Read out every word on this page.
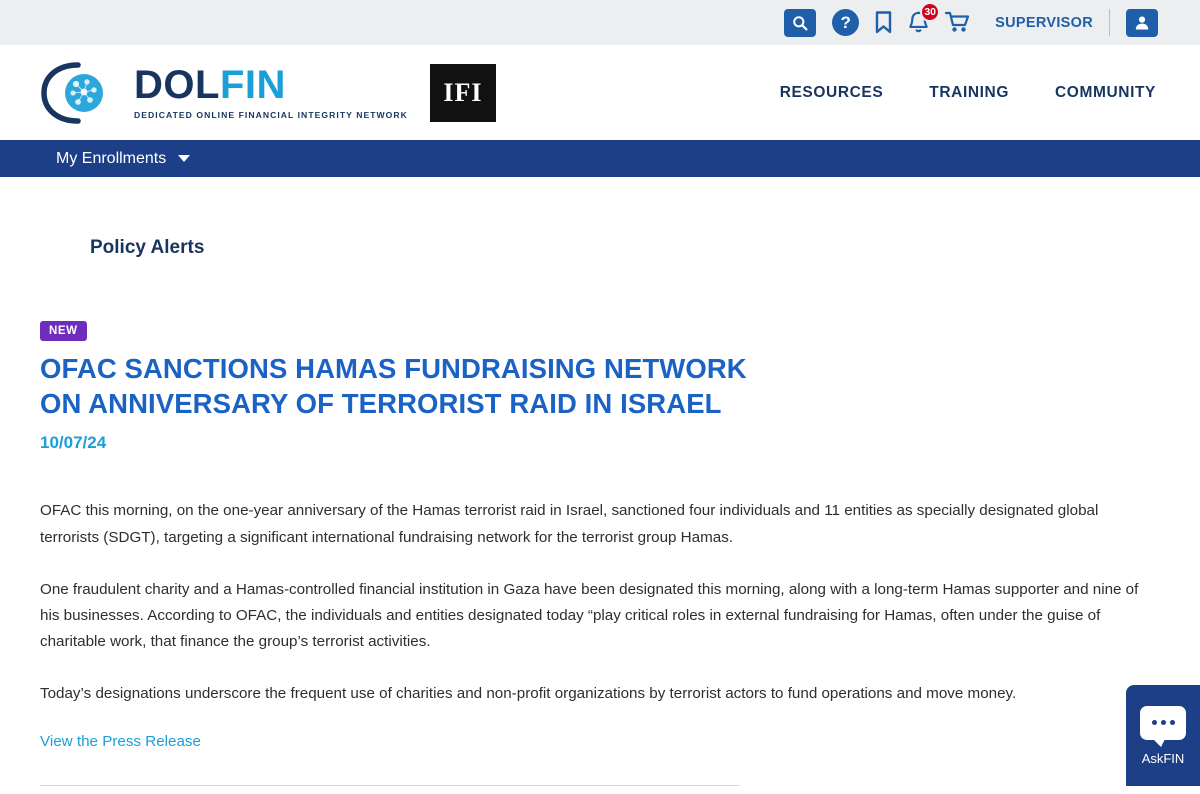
?
30
SUPERVISOR
DOLFIN
DEDICATED ONLINE FINANCIAL INTEGRITY NETWORK
IFI	RESOURCES	TRAINING	COMMUNITY
My Enrollments
Policy Alerts
NEW
OFAC SANCTIONS HAMAS FUNDRAISING NETWORK ON ANNIVERSARY OF TERRORIST RAID IN ISRAEL
10/07/24

OFAC this morning, on the one-year anniversary of the Hamas terrorist raid in Israel, sanctioned four individuals and 11 entities as specially designated global terrorists (SDGT), targeting a significant international fundraising network for the terrorist group Hamas.

One fraudulent charity and a Hamas-controlled financial institution in Gaza have been designated this morning, along with a long-term Hamas supporter and nine of his businesses. According to OFAC, the individuals and entities designated today “play critical roles in external fundraising for Hamas, often under the guise of charitable work, that finance the group’s terrorist activities.

Today’s designations underscore the frequent use of charities and non-profit organizations by terrorist actors to fund operations and move money.

View the Press Release
AskFIN
